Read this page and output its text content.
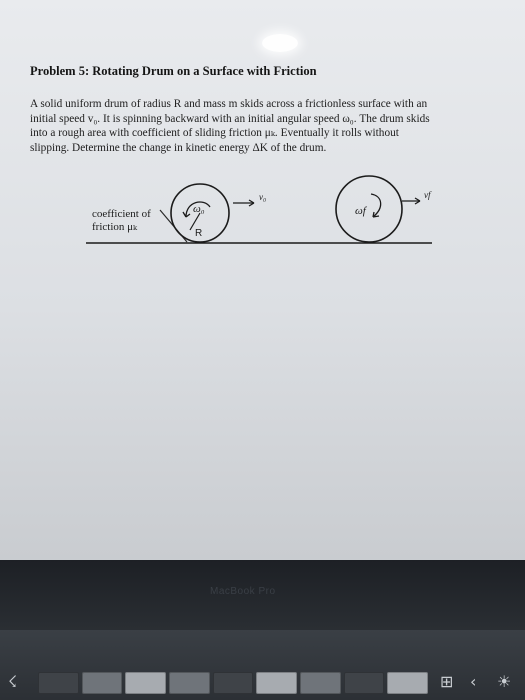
Problem 5: Rotating Drum on a Surface with Friction
A solid uniform drum of radius R and mass m skids across a frictionless surface with an
initial speed v₀. It is spinning backward with an initial angular speed ω₀. The drum skids
into a rough area with coefficient of sliding friction μₖ. Eventually it rolls without
slipping. Determine the change in kinetic energy ΔK of the drum.
coefficient of
friction μₖ
ω₀
R
v₀
ωf
vf
MacBook Pro
☇	⊞ ‹ ☀
